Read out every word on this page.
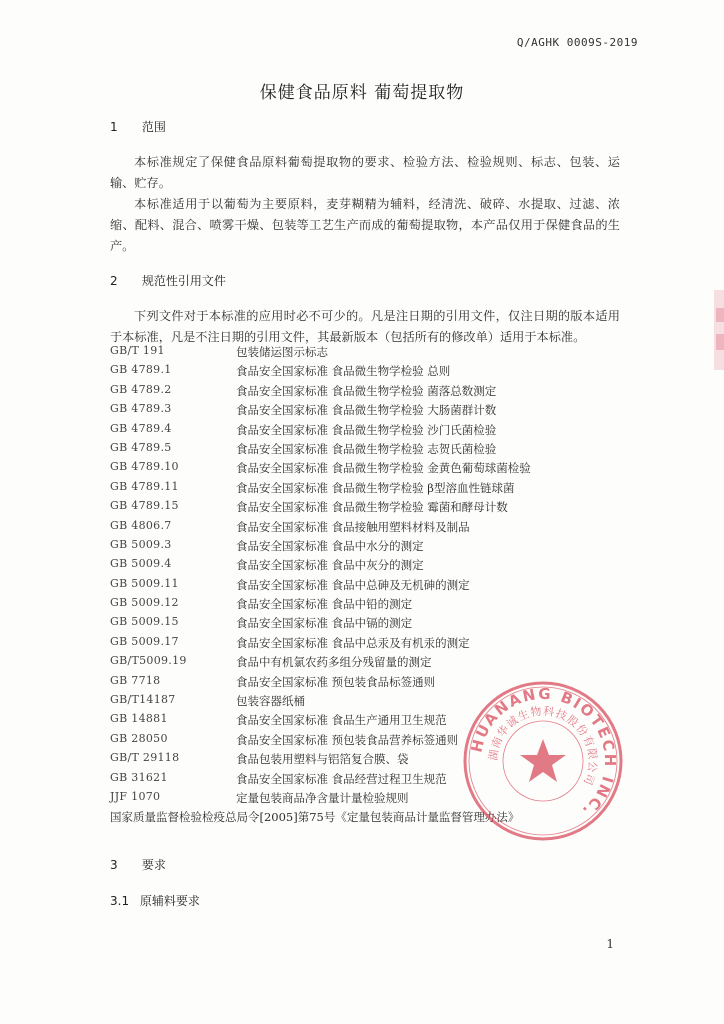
Q/AGHK 0009S-2019
保健食品原料 葡萄提取物
1 范围
本标准规定了保健食品原料葡萄提取物的要求、检验方法、检验规则、标志、包装、运输、贮存。
本标准适用于以葡萄为主要原料，麦芽糊精为辅料，经清洗、破碎、水提取、过滤、浓缩、配料、混合、喷雾干燥、包装等工艺生产而成的葡萄提取物，本产品仅用于保健食品的生产。
2 规范性引用文件
下列文件对于本标准的应用时必不可少的。凡是注日期的引用文件，仅注日期的版本适用于本标准，凡是不注日期的引用文件，其最新版本（包括所有的修改单）适用于本标准。
GB/T 191	包装储运图示标志
GB 4789.1	食品安全国家标准 食品微生物学检验 总则
GB 4789.2	食品安全国家标准 食品微生物学检验 菌落总数测定
GB 4789.3	食品安全国家标准 食品微生物学检验 大肠菌群计数
GB 4789.4	食品安全国家标准 食品微生物学检验 沙门氏菌检验
GB 4789.5	食品安全国家标准 食品微生物学检验 志贺氏菌检验
GB 4789.10	食品安全国家标准 食品微生物学检验 金黄色葡萄球菌检验
GB 4789.11	食品安全国家标准 食品微生物学检验 β型溶血性链球菌
GB 4789.15	食品安全国家标准 食品微生物学检验 霉菌和酵母计数
GB 4806.7	食品安全国家标准 食品接触用塑料材料及制品
GB 5009.3	食品安全国家标准 食品中水分的测定
GB 5009.4	食品安全国家标准 食品中灰分的测定
GB 5009.11	食品安全国家标准 食品中总砷及无机砷的测定
GB 5009.12	食品安全国家标准 食品中铅的测定
GB 5009.15	食品安全国家标准 食品中镉的测定
GB 5009.17	食品安全国家标准 食品中总汞及有机汞的测定
GB/T5009.19	食品中有机氯农药多组分残留量的测定
GB 7718	食品安全国家标准 预包装食品标签通则
GB/T14187	包装容器纸桶
GB 14881	食品安全国家标准 食品生产通用卫生规范
GB 28050	食品安全国家标准 预包装食品营养标签通则
GB/T 29118	食品包装用塑料与铝箔复合膜、袋
GB 31621	食品安全国家标准 食品经营过程卫生规范
JJF 1070	定量包装商品净含量计量检验规则
国家质量监督检验检疫总局令[2005]第75号《定量包装商品计量监督管理办法》
3 要求
3.1 原辅料要求
1
HUANANG BIOTECH INC.
湖南华诚生物科技股份有限公司
